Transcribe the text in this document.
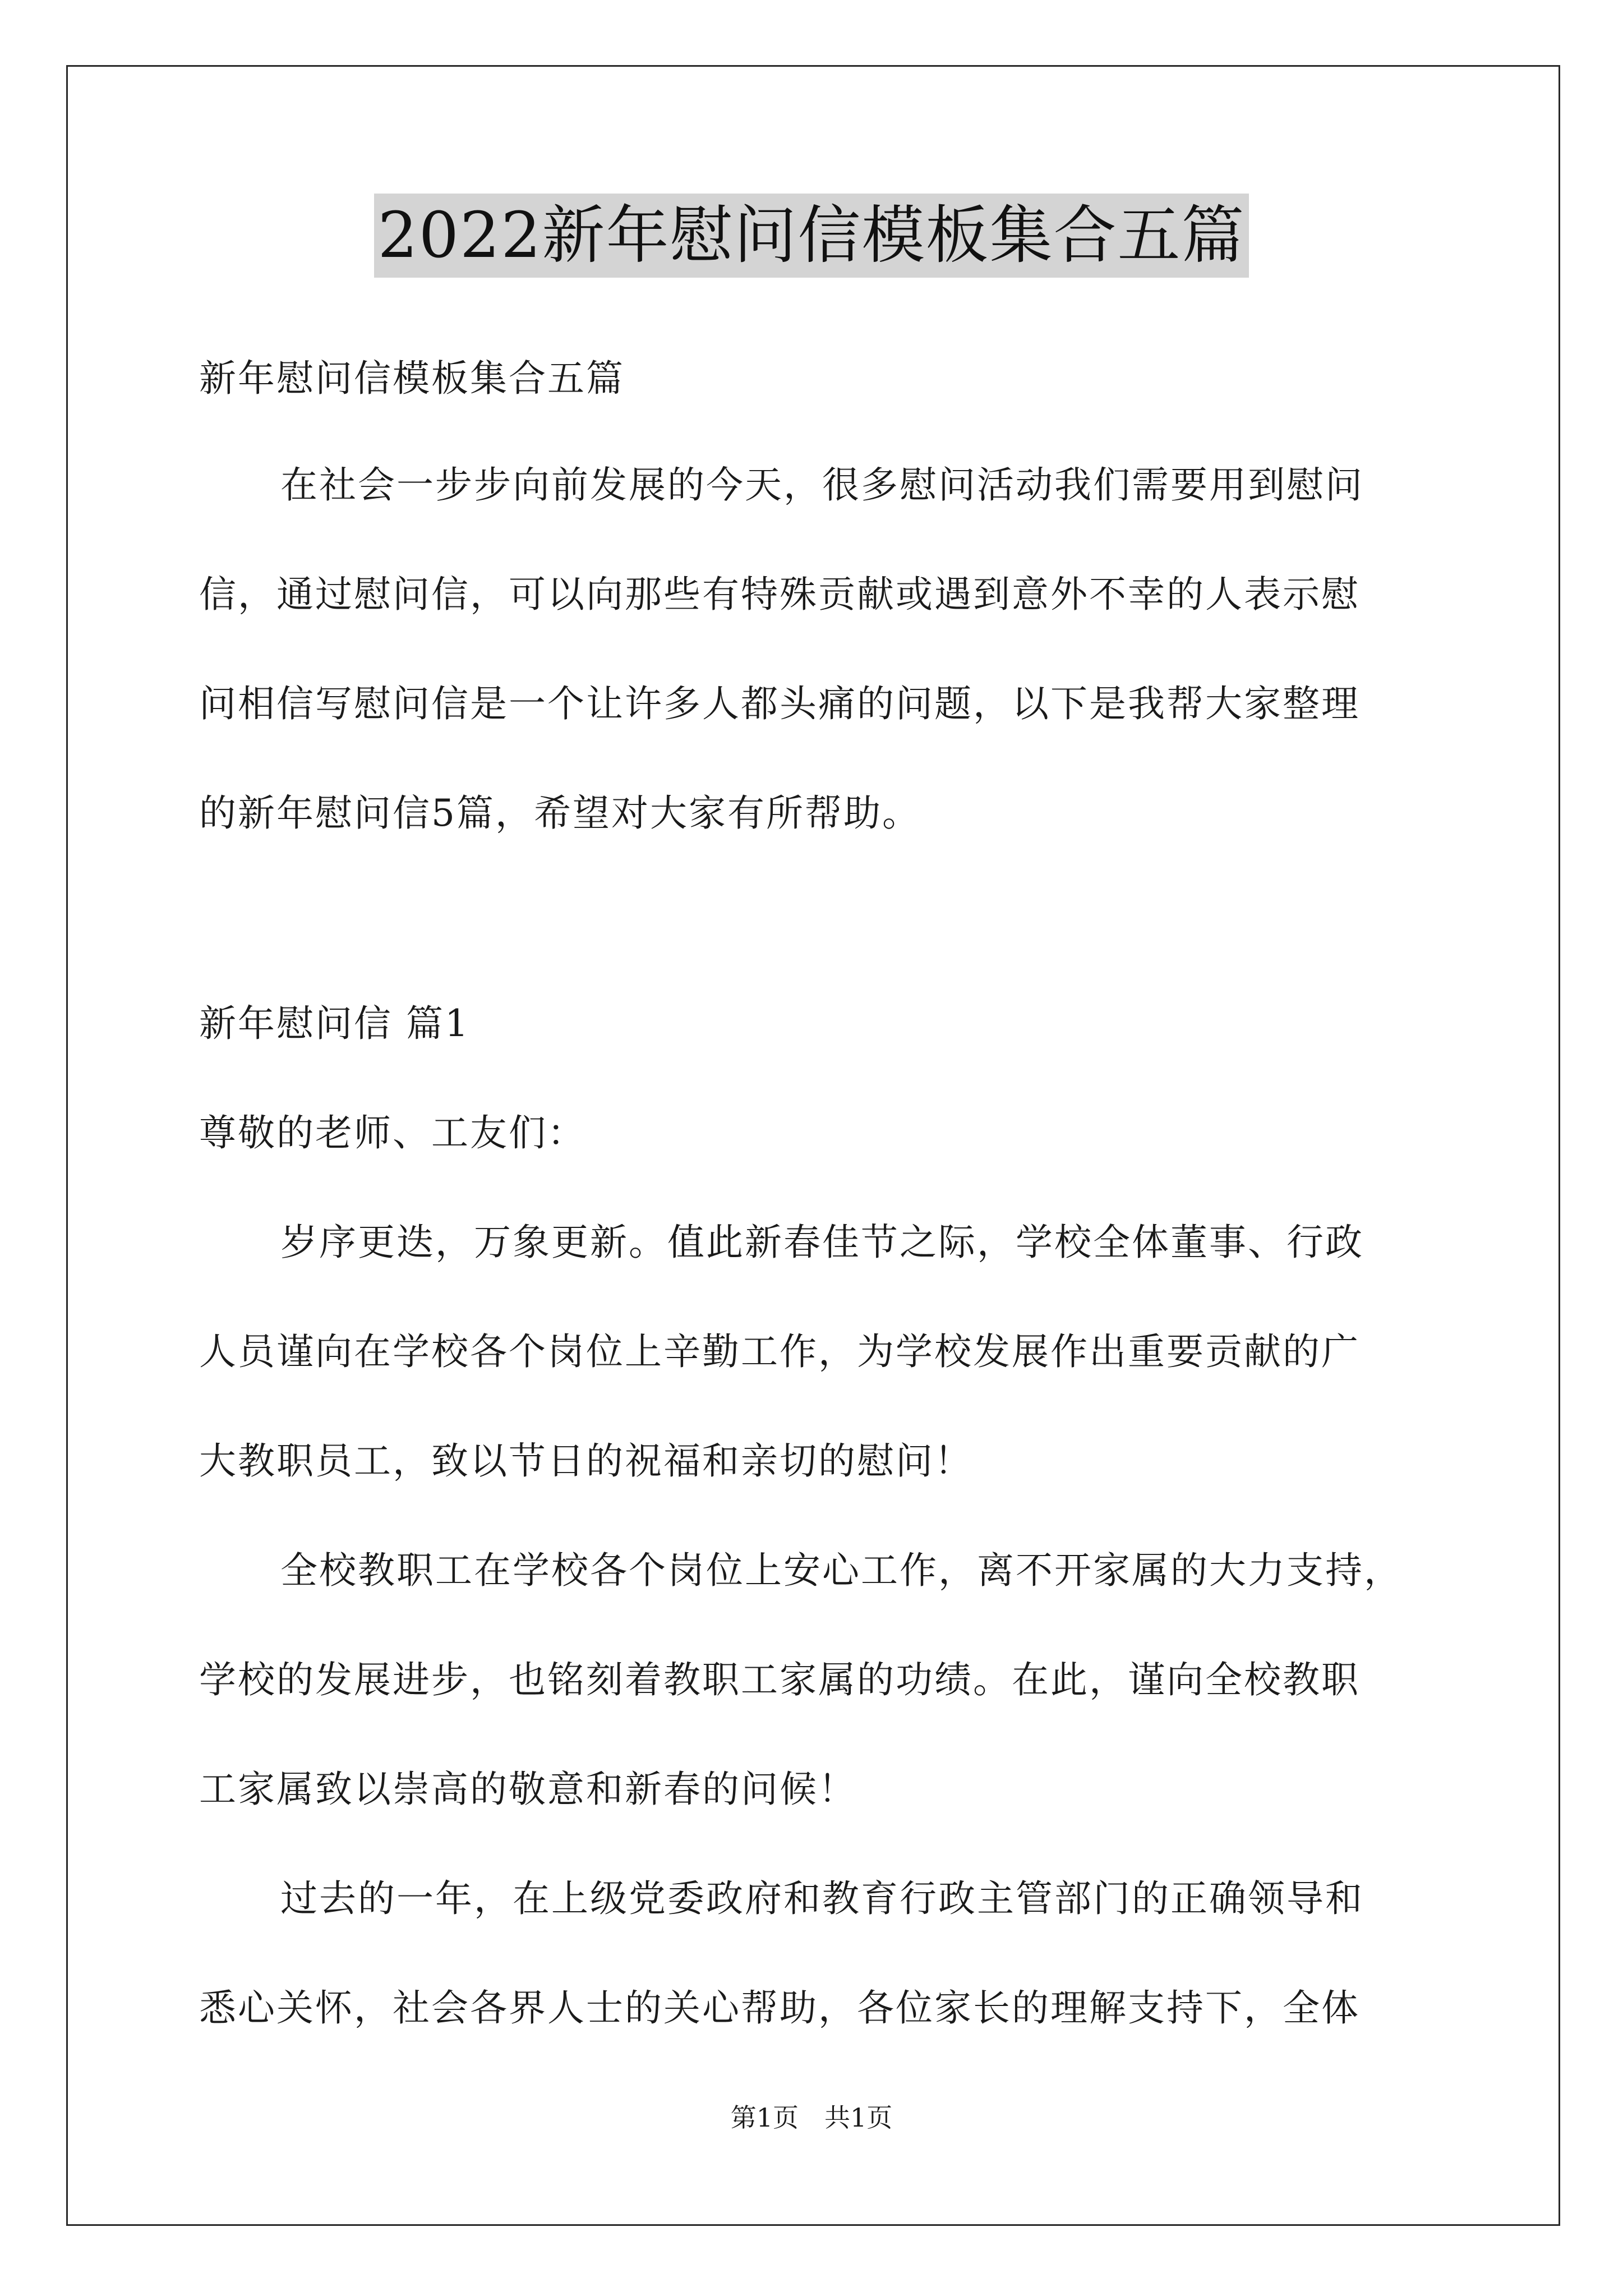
2022新年慰问信模板集合五篇
新年慰问信模板集合五篇
在社会一步步向前发展的今天，很多慰问活动我们需要用到慰问
信，通过慰问信，可以向那些有特殊贡献或遇到意外不幸的人表示慰
问相信写慰问信是一个让许多人都头痛的问题，以下是我帮大家整理
的新年慰问信5篇，希望对大家有所帮助。
新年慰问信 篇1
尊敬的老师、工友们：
岁序更迭，万象更新。值此新春佳节之际，学校全体董事、行政
人员谨向在学校各个岗位上辛勤工作，为学校发展作出重要贡献的广
大教职员工，致以节日的祝福和亲切的慰问！
全校教职工在学校各个岗位上安心工作，离不开家属的大力支持，
学校的发展进步，也铭刻着教职工家属的功绩。在此，谨向全校教职
工家属致以崇高的敬意和新春的问候！
过去的一年，在上级党委政府和教育行政主管部门的正确领导和
悉心关怀，社会各界人士的关心帮助，各位家长的理解支持下，全体
第1页　共1页
